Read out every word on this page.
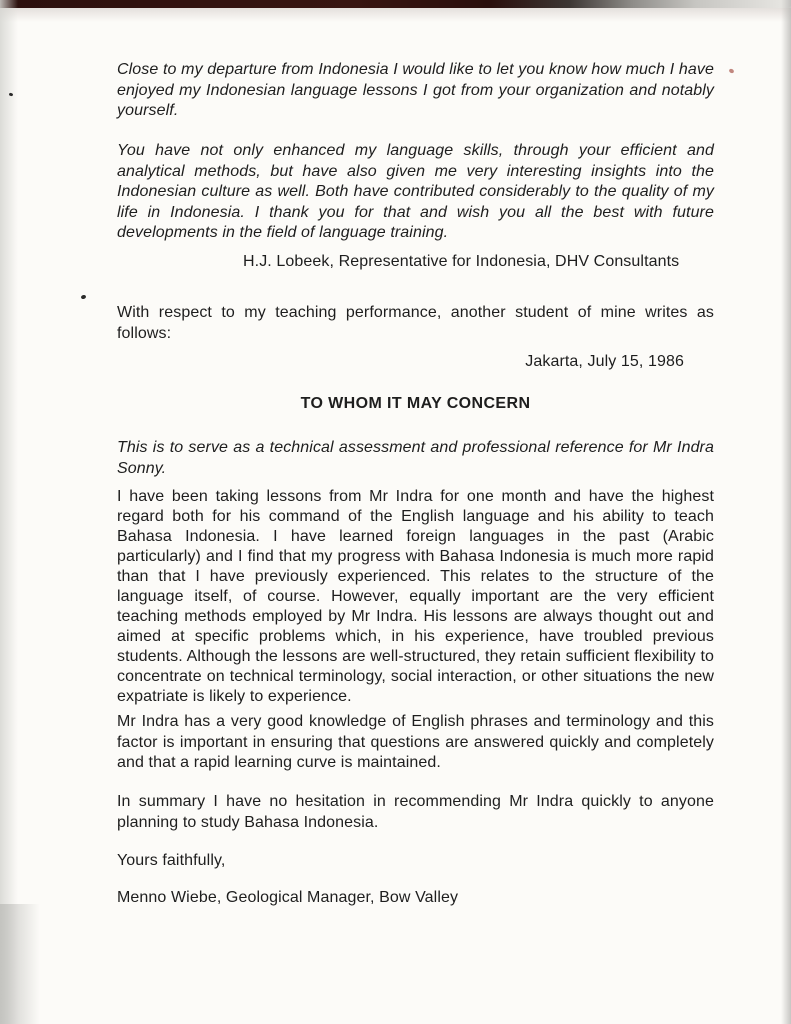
Close to my departure from Indonesia I would like to let you know how much I have enjoyed my Indonesian language lessons I got from your organization and notably yourself.

You have not only enhanced my language skills, through your efficient and analytical methods, but have also given me very interesting insights into the Indonesian culture as well. Both have contributed considerably to the quality of my life in Indonesia. I thank you for that and wish you all the best with future developments in the field of language training.

H.J. Lobeek, Representative for Indonesia, DHV Consultants

With respect to my teaching performance, another student of mine writes as follows:

Jakarta, July 15, 1986

TO WHOM IT MAY CONCERN

This is to serve as a technical assessment and professional reference for Mr Indra Sonny.

I have been taking lessons from Mr Indra for one month and have the highest regard both for his command of the English language and his ability to teach Bahasa Indonesia. I have learned foreign languages in the past (Arabic particularly) and I find that my progress with Bahasa Indonesia is much more rapid than that I have previously experienced. This relates to the structure of the language itself, of course. However, equally important are the very efficient teaching methods employed by Mr Indra. His lessons are always thought out and aimed at specific problems which, in his experience, have troubled previous students. Although the lessons are well-structured, they retain sufficient flexibility to concentrate on technical terminology, social interaction, or other situations the new expatriate is likely to experience.

Mr Indra has a very good knowledge of English phrases and terminology and this factor is important in ensuring that questions are answered quickly and completely and that a rapid learning curve is maintained.

In summary I have no hesitation in recommending Mr Indra quickly to anyone planning to study Bahasa Indonesia.

Yours faithfully,

Menno Wiebe, Geological Manager, Bow Valley
